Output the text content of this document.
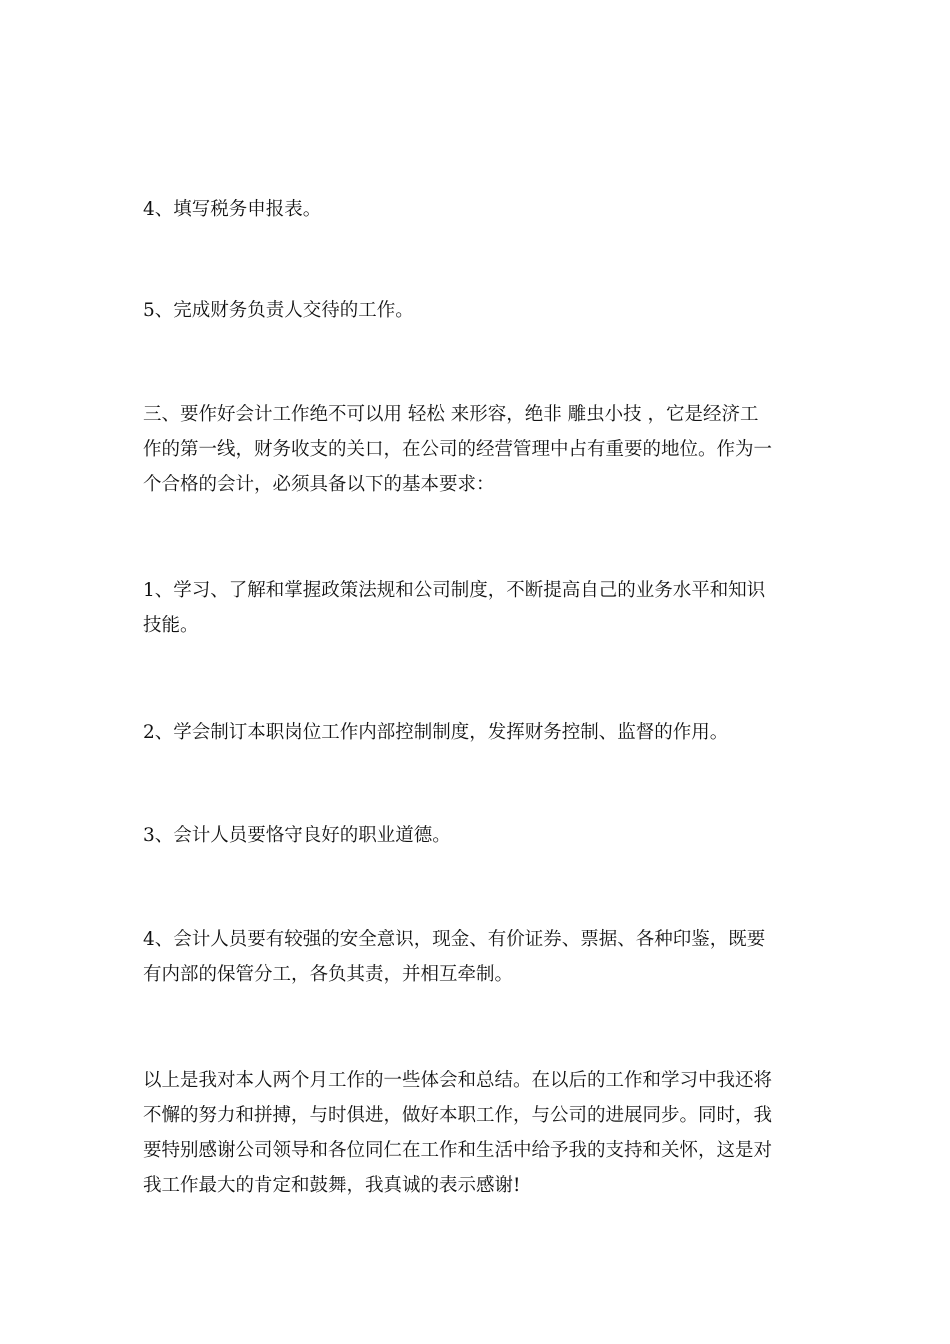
4、填写税务申报表。

5、完成财务负责人交待的工作。

三、要作好会计工作绝不可以用 轻松 来形容，绝非 雕虫小技 ，它是经济工
作的第一线，财务收支的关口，在公司的经营管理中占有重要的地位。作为一
个合格的会计，必须具备以下的基本要求：

1、学习、了解和掌握政策法规和公司制度，不断提高自己的业务水平和知识
技能。

2、学会制订本职岗位工作内部控制制度，发挥财务控制、监督的作用。

3、会计人员要恪守良好的职业道德。

4、会计人员要有较强的安全意识，现金、有价证券、票据、各种印鉴，既要
有内部的保管分工，各负其责，并相互牵制。

以上是我对本人两个月工作的一些体会和总结。在以后的工作和学习中我还将
不懈的努力和拼搏，与时俱进，做好本职工作，与公司的进展同步。同时，我
要特别感谢公司领导和各位同仁在工作和生活中给予我的支持和关怀，这是对
我工作最大的肯定和鼓舞，我真诚的表示感谢!
